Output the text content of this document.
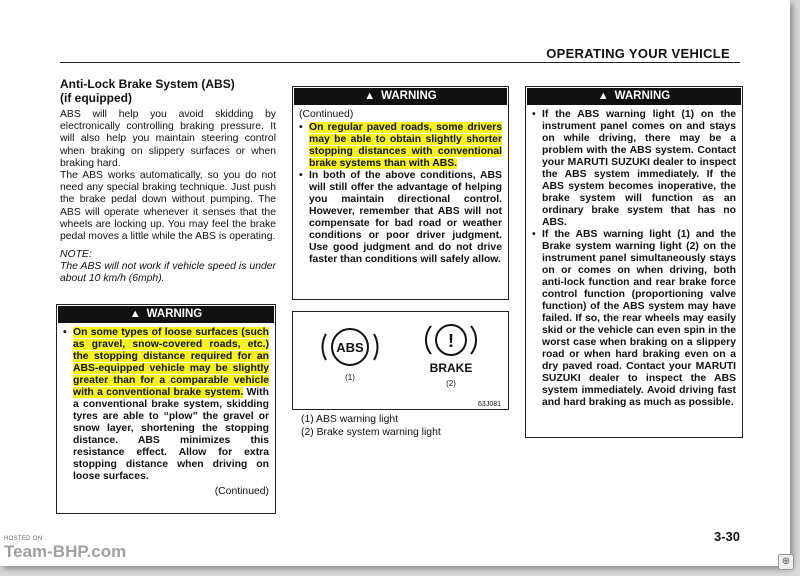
OPERATING YOUR VEHICLE
Anti-Lock Brake System (ABS)
(if equipped)

ABS will help you avoid skidding by electronically controlling braking pressure. It will also help you maintain steering control when braking on slippery surfaces or when braking hard.

The ABS works automatically, so you do not need any special braking technique. Just push the brake pedal down without pumping. The ABS will operate whenever it senses that the wheels are locking up. You may feel the brake pedal moves a little while the ABS is operating.

NOTE:

The ABS will not work if vehicle speed is under about 10 km/h (6mph).

▲ WARNING
• On some types of loose surfaces (such as gravel, snow-covered roads, etc.) the stopping distance required for an ABS-equipped vehicle may be slightly greater than for a comparable vehicle with a conventional brake system. With a conventional brake system, skidding tyres are able to “plow” the gravel or snow layer, shortening the stopping distance. ABS minimizes this resistance effect. Allow for extra stopping distance when driving on loose surfaces.
(Continued)
▲ WARNING
(Continued)
• On regular paved roads, some drivers may be able to obtain slightly shorter stopping distances with conventional brake systems than with ABS.
• In both of the above conditions, ABS will still offer the advantage of helping you maintain directional control. However, remember that ABS will not compensate for bad road or weather conditions or poor driver judgment. Use good judgment and do not drive faster than conditions will safely allow.
▲ WARNING
• If the ABS warning light (1) on the instrument panel comes on and stays on while driving, there may be a problem with the ABS system. Contact your MARUTI SUZUKI dealer to inspect the ABS system immediately. If the ABS system becomes inoperative, the brake system will function as an ordinary brake system that has no ABS.
• If the ABS warning light (1) and the Brake system warning light (2) on the instrument panel simultaneously stays on or comes on when driving, both anti-lock function and rear brake force control function (proportioning valve function) of the ABS system may have failed. If so, the rear wheels may easily skid or the vehicle can even spin in the worst case when braking on a slippery road or when hard braking even on a dry paved road. Contact your MARUTI SUZUKI dealer to inspect the ABS system immediately. Avoid driving fast and hard braking as much as possible.
ABS
(1)
!
BRAKE
(2)
63J081
(1) ABS warning light
(2) Brake system warning light
3-30
HOSTED ON :
Team-BHP.com
⊕
